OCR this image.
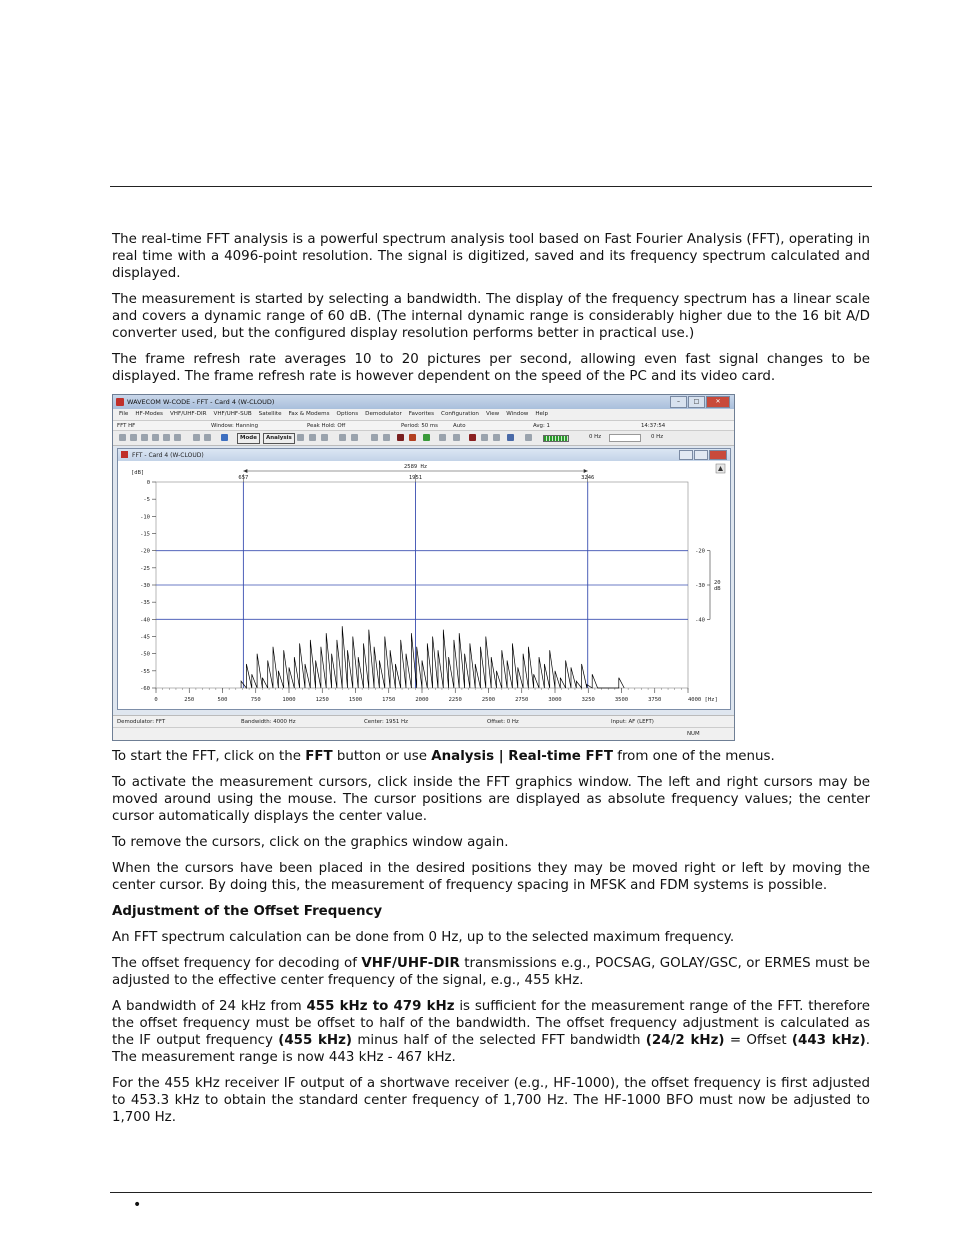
The real-time FFT analysis is a powerful spectrum analysis tool based on Fast Fourier Analysis (FFT), operating in real time with a 4096-point resolution. The signal is digitized, saved and its frequency spectrum calculated and displayed.

The measurement is started by selecting a bandwidth. The display of the frequency spectrum has a linear scale and covers a dynamic range of 60 dB. (The internal dynamic range is considerably higher due to the 16 bit A/D converter used, but the configured display resolution performs better in practical use.)

The frame refresh rate averages 10 to 20 pictures per second, allowing even fast signal changes to be displayed. The frame refresh rate is however dependent on the speed of the PC and its video card.

WAVECOM W-CODE - FFT - Card 4 (W-CLOUD)	–	□	✕
File HF-Modes VHF/UHF-DIR VHF/UHF-SUB Satellite Fax & Modems Options Demodulator Favorites Configuration View Window Help
FFT HF	Window: Hanning	Peak Hold: Off	Period: 50 ms	Auto	Avg: 1	14:37:54
Mode	Analysis	0 Hz	0 Hz
FFT - Card 4 (W-CLOUD)
0
-5
-10
-15
-20
-25
-30
-35
-40
-45
-50
-55
-60
[dB]
0	250	500	750	1000	1250	1500	1750	2000	2250	2500	2750	3000	3250	3500	3750	4000 [Hz]
657	1951	3246
2589 Hz
-20
-30
-40
20
dB
Demodulator: FFT	Bandwidth: 4000 Hz	Center: 1951 Hz	Offset: 0 Hz	Input: AF (LEFT)
NUM

To start the FFT, click on the FFT button or use Analysis | Real-time FFT from one of the menus.

To activate the measurement cursors, click inside the FFT graphics window. The left and right cursors may be moved around using the mouse. The cursor positions are displayed as absolute frequency values; the center cursor automatically displays the center value.

To remove the cursors, click on the graphics window again.

When the cursors have been placed in the desired positions they may be moved right or left by moving the center cursor. By doing this, the measurement of frequency spacing in MFSK and FDM systems is possible.

Adjustment of the Offset Frequency

An FFT spectrum calculation can be done from 0 Hz, up to the selected maximum frequency.

The offset frequency for decoding of VHF/UHF-DIR transmissions e.g., POCSAG, GOLAY/GSC, or ERMES must be adjusted to the effective center frequency of the signal, e.g., 455 kHz.

A bandwidth of 24 kHz from 455 kHz to 479 kHz is sufficient for the measurement range of the FFT. therefore the offset frequency must be offset to half of the bandwidth. The offset frequency adjustment is calculated as the IF output frequency (455 kHz) minus half of the selected FFT bandwidth (24/2 kHz) = Offset (443 kHz). The measurement range is now 443 kHz - 467 kHz.

For the 455 kHz receiver IF output of a shortwave receiver (e.g., HF-1000), the offset frequency is first adjusted to 453.3 kHz to obtain the standard center frequency of 1,700 Hz. The HF-1000 BFO must now be adjusted to 1,700 Hz.

•
